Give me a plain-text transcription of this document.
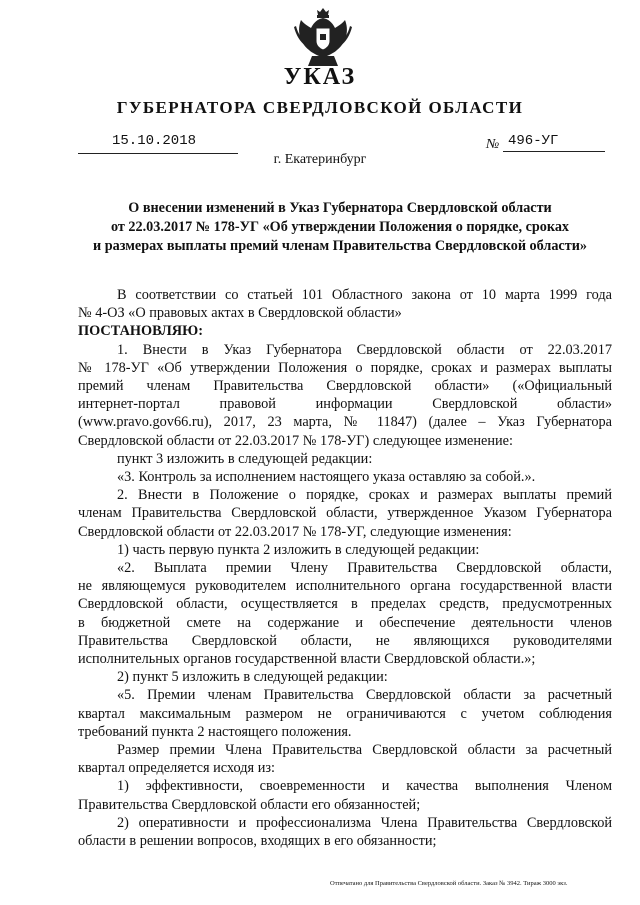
УКАЗ
ГУБЕРНАТОРА СВЕРДЛОВСКОЙ ОБЛАСТИ
15.10.2018	№ 496-УГ
г. Екатеринбург
О внесении изменений в Указ Губернатора Свердловской области
от 22.03.2017 № 178-УГ «Об утверждении Положения о порядке, сроках
и размерах выплаты премий членам Правительства Свердловской области»
В соответствии со статьей 101 Областного закона от 10 марта 1999 года
№ 4-ОЗ «О правовых актах в Свердловской области»
ПОСТАНОВЛЯЮ:
1. Внести в Указ Губернатора Свердловской области от 22.03.2017
№ 178-УГ «Об утверждении Положения о порядке, сроках и размерах выплаты
премий членам Правительства Свердловской области» («Официальный
интернет-портал правовой информации Свердловской области»
(www.pravo.gov66.ru), 2017, 23 марта, № 11847) (далее – Указ Губернатора
Свердловской области от 22.03.2017 № 178-УГ) следующее изменение:
пункт 3 изложить в следующей редакции:
«3. Контроль за исполнением настоящего указа оставляю за собой.».
2. Внести в Положение о порядке, сроках и размерах выплаты премий
членам Правительства Свердловской области, утвержденное Указом Губернатора
Свердловской области от 22.03.2017 № 178-УГ, следующие изменения:
1) часть первую пункта 2 изложить в следующей редакции:
«2. Выплата премии Члену Правительства Свердловской области,
не являющемуся руководителем исполнительного органа государственной власти
Свердловской области, осуществляется в пределах средств, предусмотренных
в бюджетной смете на содержание и обеспечение деятельности членов
Правительства Свердловской области, не являющихся руководителями
исполнительных органов государственной власти Свердловской области.»;
2) пункт 5 изложить в следующей редакции:
«5. Премии членам Правительства Свердловской области за расчетный
квартал максимальным размером не ограничиваются с учетом соблюдения
требований пункта 2 настоящего положения.
Размер премии Члена Правительства Свердловской области за расчетный
квартал определяется исходя из:
1) эффективности, своевременности и качества выполнения Членом
Правительства Свердловской области его обязанностей;
2) оперативности и профессионализма Члена Правительства Свердловской
области в решении вопросов, входящих в его обязанности;
Отпечатано для Правительства Свердловской области. Заказ № 3942. Тираж 3000 экз.
